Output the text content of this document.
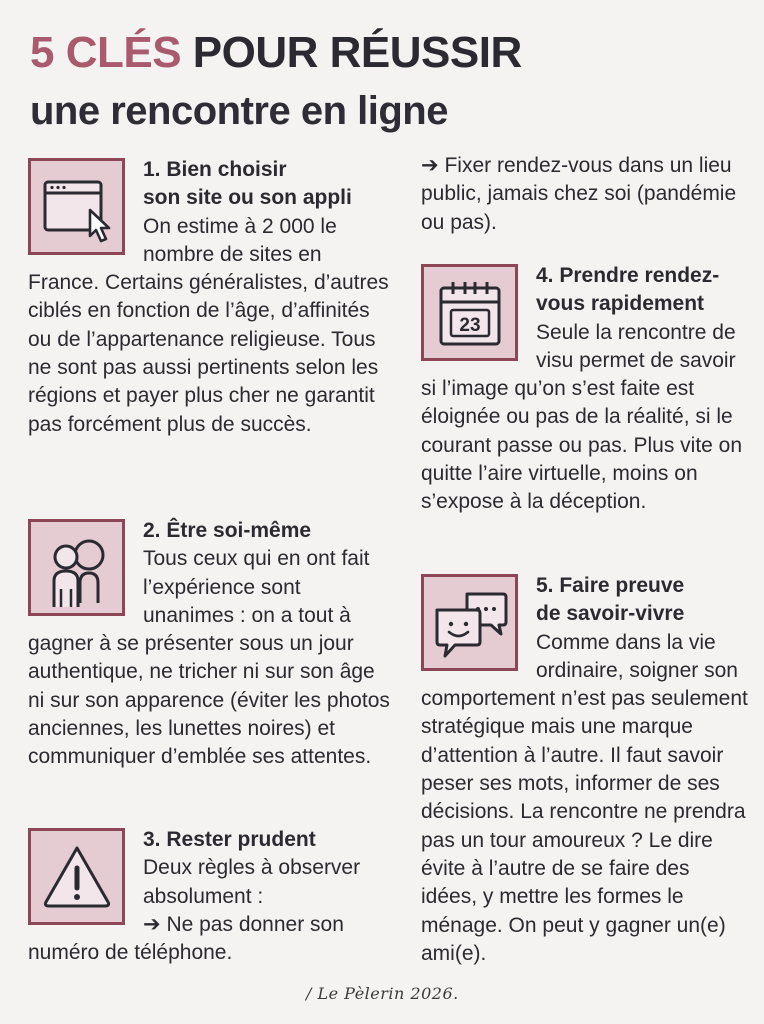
5 CLÉS POUR RÉUSSIR
une rencontre en ligne
1. Bien choisir
son site ou son appli
On estime à 2 000 le nombre de sites en France. Certains généralistes, d’autres ciblés en fonction de l’âge, d’affinités ou de l’appartenance religieuse. Tous ne sont pas aussi pertinents selon les régions et payer plus cher ne garantit pas forcément plus de succès.
2. Être soi-même
Tous ceux qui en ont fait l’expérience sont unanimes : on a tout à gagner à se présenter sous un jour authentique, ne tricher ni sur son âge ni sur son apparence (éviter les photos anciennes, les lunettes noires) et communiquer d’emblée ses attentes.
3. Rester prudent
Deux règles à observer absolument :
➔ Ne pas donner son numéro de téléphone.
➔ Fixer rendez-vous dans un lieu public, jamais chez soi (pandémie ou pas).
23
4. Prendre rendez-
vous rapidement
Seule la rencontre de visu permet de savoir si l’image qu’on s’est faite est éloignée ou pas de la réalité, si le courant passe ou pas. Plus vite on quitte l’aire virtuelle, moins on s’expose à la déception.
5. Faire preuve
de savoir-vivre
Comme dans la vie ordinaire, soigner son comportement n’est pas seulement stratégique mais une marque d’attention à l’autre. Il faut savoir peser ses mots, informer de ses décisions. La rencontre ne prendra pas un tour amoureux ? Le dire évite à l’autre de se faire des idées, y mettre les formes le ménage. On peut y gagner un(e) ami(e).
/ Le Pèlerin 2026.
